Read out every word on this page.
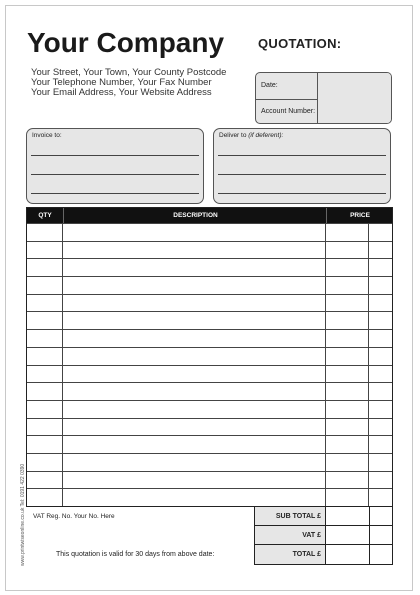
Your Company	QUOTATION:
Your Street, Your Town, Your County Postcode
Your Telephone Number, Your Fax Number
Your Email Address, Your Website Address
Date:
Account Number:
Invoice to:	Deliver to (if deferent):
QTY	DESCRIPTION	PRICE
VAT Reg. No. Your No. Here
This quotation is valid for 30 days from above date:
SUB TOTAL £
VAT £
TOTAL £
www.printwiseonline.co.uk Tel: 0191 422 0390
